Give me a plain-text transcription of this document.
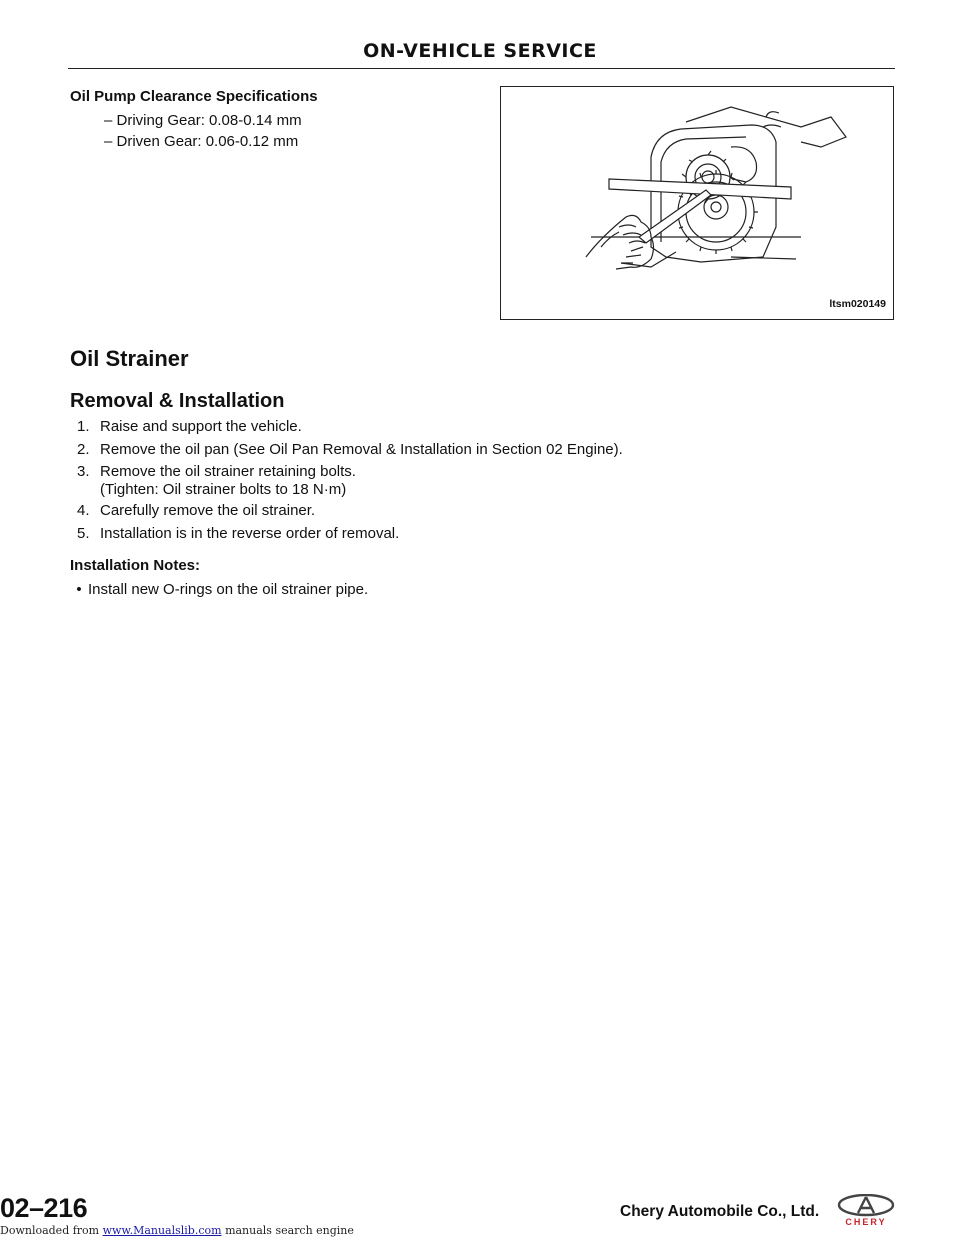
ON-VEHICLE SERVICE
Oil Pump Clearance Specifications
– Driving Gear: 0.08-0.14 mm
– Driven Gear: 0.06-0.12 mm
ltsm020149
Oil Strainer
Removal & Installation
1. Raise and support the vehicle.
2. Remove the oil pan (See Oil Pan Removal & Installation in Section 02 Engine).
3. Remove the oil strainer retaining bolts.
(Tighten: Oil strainer bolts to 18 N·m)
4. Carefully remove the oil strainer.
5. Installation is in the reverse order of removal.
Installation Notes:
• Install new O-rings on the oil strainer pipe.
02–216	Chery Automobile Co., Ltd.
CHERY
Downloaded from www.Manualslib.com manuals search engine
